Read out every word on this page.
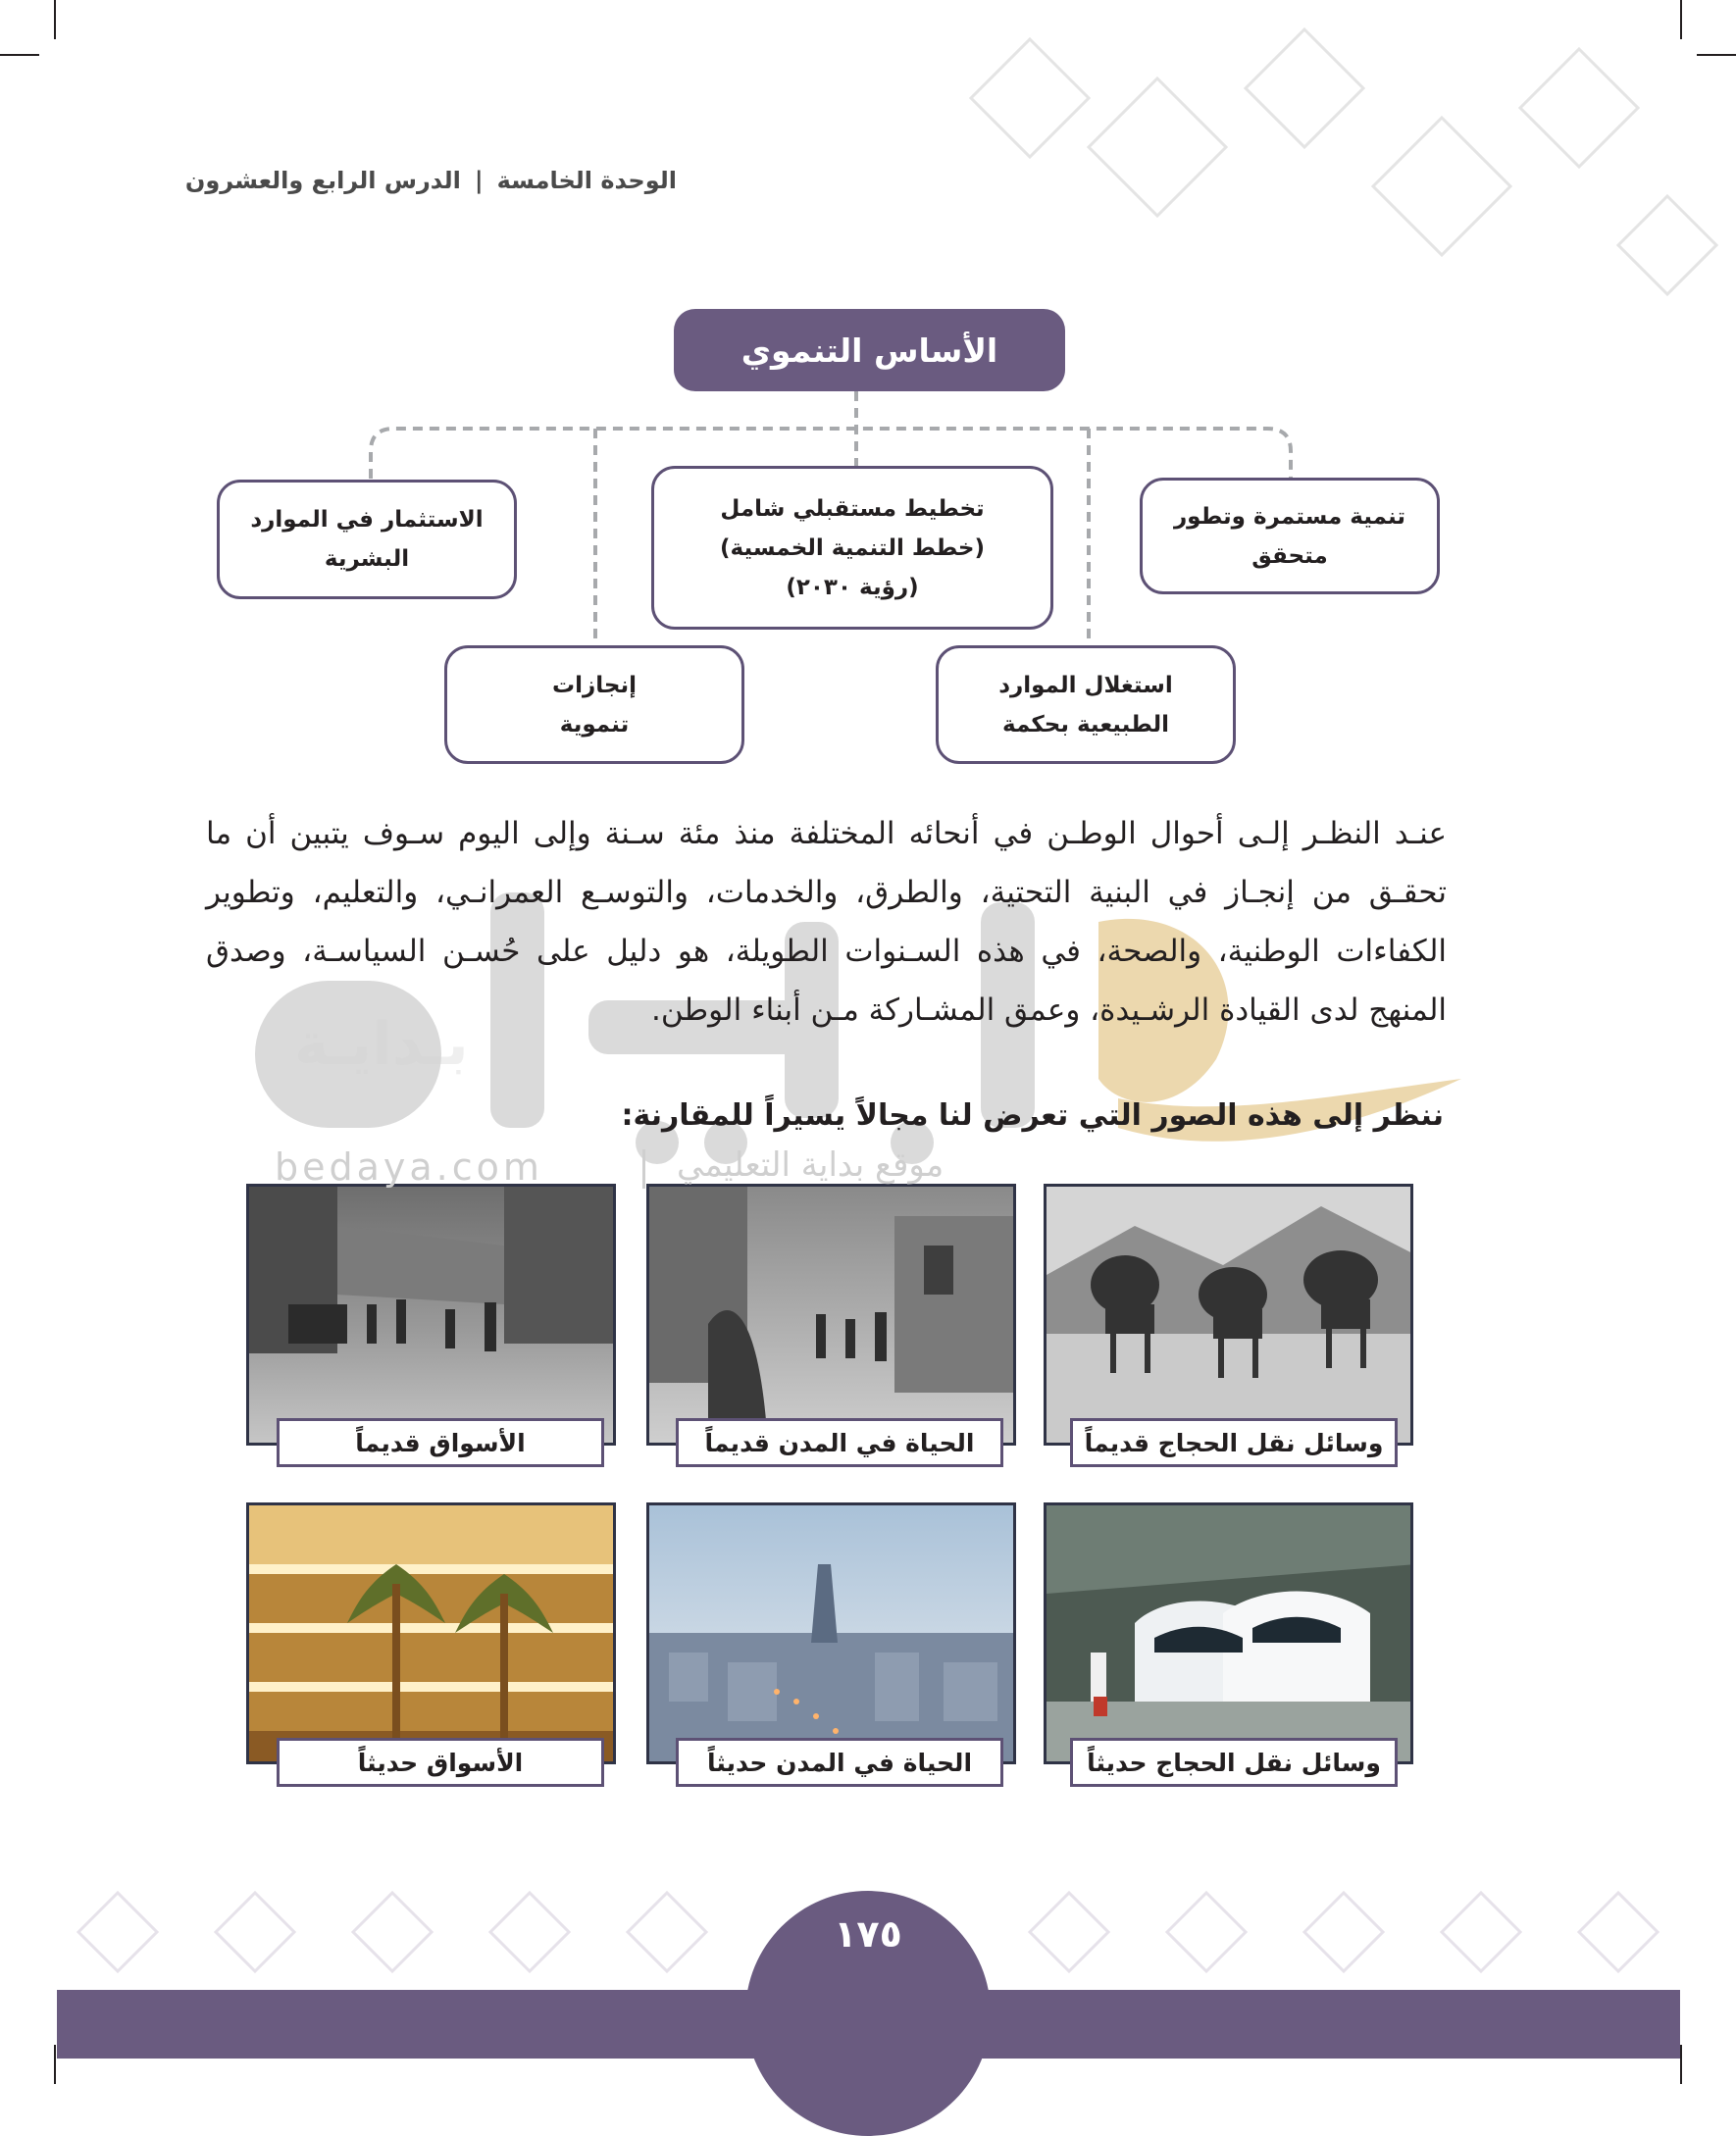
الوحدة الخامسة|الدرس الرابع والعشرون
الأساس التنموي
تنمية مستمرة وتطور
متحقق
تخطيط مستقبلي شامل
(خطط التنمية الخمسية)
(رؤية ٢٠٣٠)
الاستثمار في الموارد
البشرية
استغلال الموارد
الطبيعية بحكمة
إنجازات
تنموية
بـدايـة
bedaya.com	موقع بداية التعليمي

عنـد النظـر إلـى أحوال الوطـن في أنحائه المختلفة منذ مئة سـنة وإلى اليوم سـوف يتبين أن ما تحقـق من إنجـاز في البنية التحتية، والطرق، والخدمات، والتوسـع العمرانـي، والتعليم، وتطوير الكفاءات الوطنية، والصحة، في هذه السـنوات الطويلة، هو دليل على حُسـن السياسـة، وصدق المنهج لدى القيادة الرشـيدة، وعمق المشـاركة مـن أبناء الوطن.

ننظر إلى هذه الصور التي تعرض لنا مجالاً يسيراً للمقارنة:
الأسواق قديماً	الحياة في المدن قديماً	وسائل نقل الحجاج قديماً
الأسواق حديثاً	الحياة في المدن حديثاً	وسائل نقل الحجاج حديثاً
١٧٥
